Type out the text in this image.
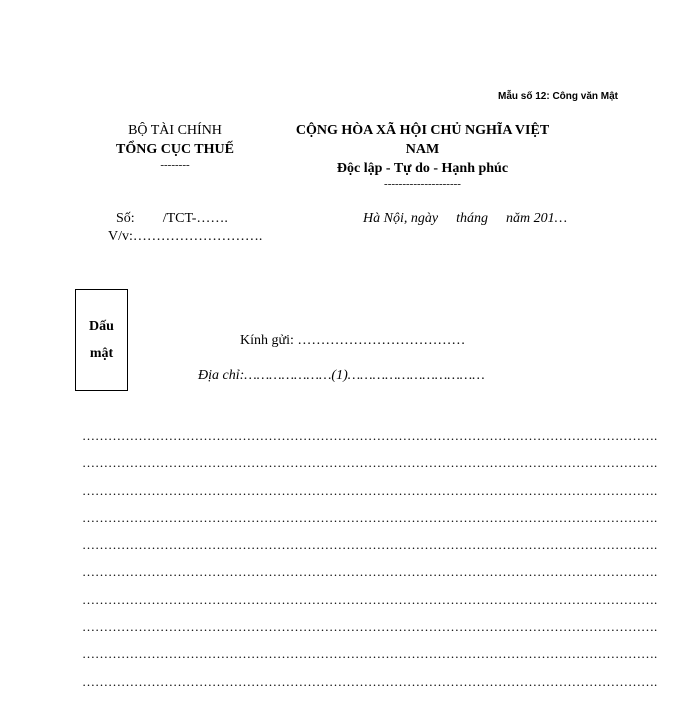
Mẫu số 12: Công văn Mật
BỘ TÀI CHÍNH
TỔNG CỤC THUẾ
--------
CỘNG HÒA XÃ HỘI CHỦ NGHĨA VIỆT
NAM
Độc lập - Tự do - Hạnh phúc
---------------------
Số: /TCT-…….
V/v:……………………….
Hà Nội, ngày tháng năm 201…
Dấu
mật
Kính gửi: ………………………………
Địa chỉ:…………………(1)……………………………
…………………………………………………………………………………………………………………….
…………………………………………………………………………………………………………………….
…………………………………………………………………………………………………………………….
…………………………………………………………………………………………………………………….
…………………………………………………………………………………………………………………….
…………………………………………………………………………………………………………………….
…………………………………………………………………………………………………………………….
…………………………………………………………………………………………………………………….
…………………………………………………………………………………………………………………….
…………………………………………………………………………………………………………………….
